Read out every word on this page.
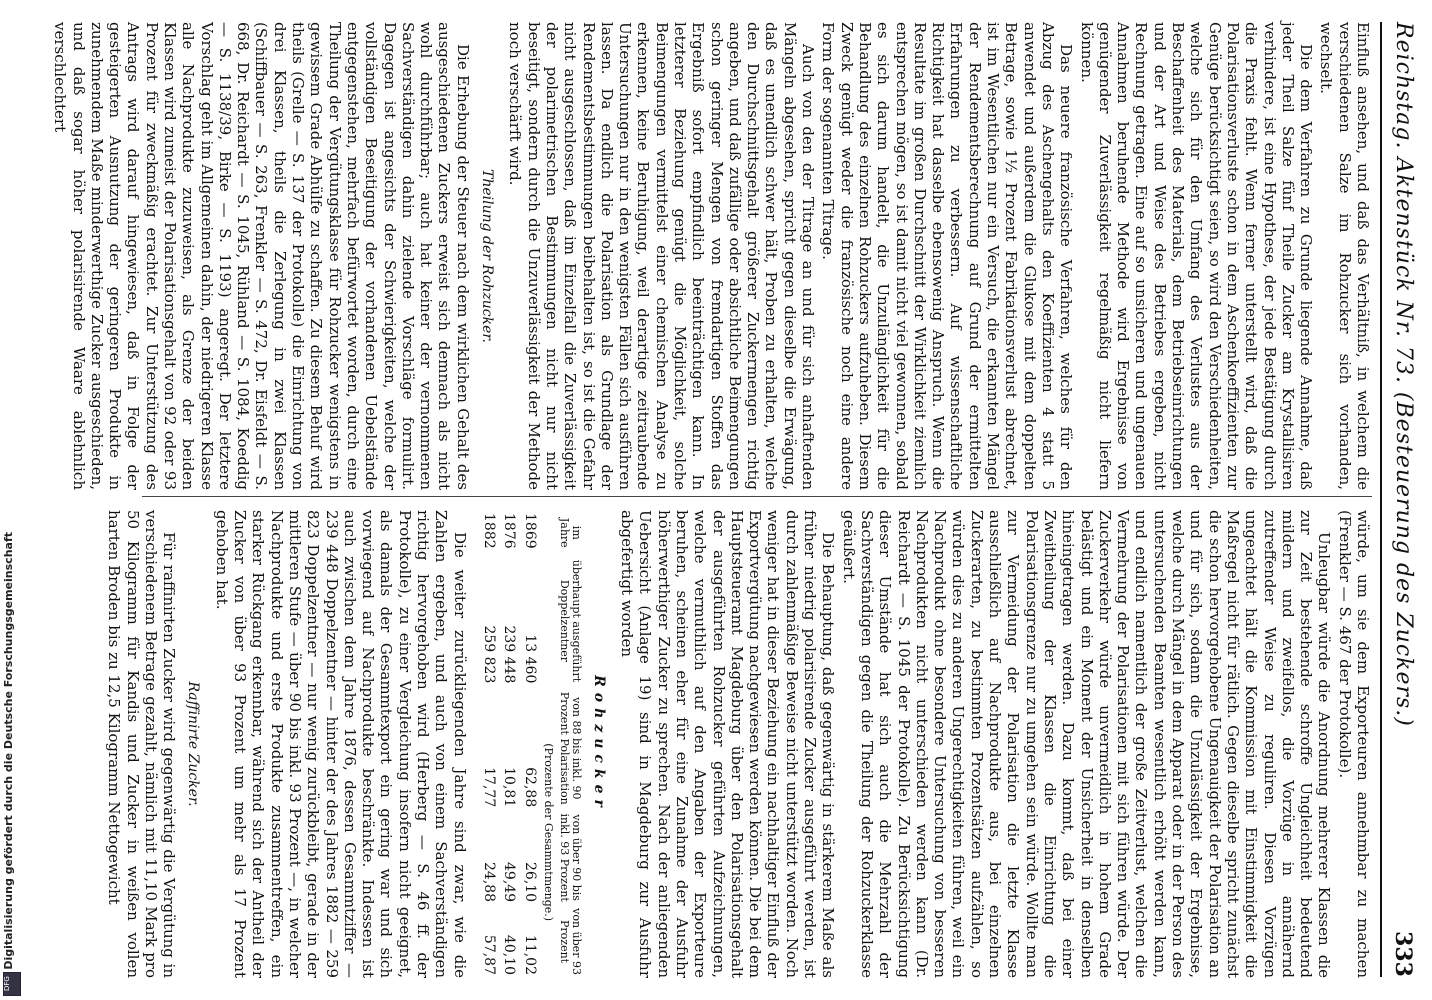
Reichstag. Aktenstück Nr. 73. (Besteuerung des Zuckers.)
333

Einfluß ansehen, und daß das Verhältniß, in welchem die verschiedenen Salze im Rohzucker sich vorhanden, wechselt.

Die dem Verfahren zu Grunde liegende Annahme, daß jeder Theil Salze fünf Theile Zucker am Krystallisiren verhindere, ist eine Hypothese, der jede Bestätigung durch die Praxis fehlt. Wenn ferner unterstellt wird, daß die Polarisationsverluste schon in dem Aschenkoeffizienten zur Genüge berücksichtigt seien, so wird den Verschiedenheiten, welche sich für den Umfang des Verlustes aus der Beschaffenheit des Materials, dem Betriebseinrichtungen und der Art und Weise des Betriebes ergeben, nicht Rechnung getragen. Eine auf so unsicheren und ungenauen Annahmen beruhende Methode wird Ergebnisse von genügender Zuverlässigkeit regelmäßig nicht liefern können.

Das neuere französische Verfahren, welches für den Abzug des Aschengehalts den Koeffizienten 4 statt 5 anwendet und außerdem die Glukose mit dem doppelten Betrage, sowie 1½ Prozent Fabrikationsverlust abrechnet, ist im Wesentlichen nur ein Versuch, die erkannten Mängel der Rendementsberechnung auf Grund der ermittelten Erfahrungen zu verbessern. Auf wissenschaftliche Richtigkeit hat dasselbe ebensowenig Anspruch. Wenn die Resultate im großen Durchschnitt der Wirklichkeit ziemlich entsprechen mögen, so ist damit nicht viel gewonnen, sobald es sich darum handelt, die Unzulänglichkeit für die Behandlung des einzelnen Rohzuckers aufzuheben. Diesem Zweck genügt weder die französische noch eine andere Form der sogenannten Titrage.

Auch von den der Titrage an und für sich anhaftenden Mängeln abgesehen, spricht gegen dieselbe die Erwägung, daß es unendlich schwer hält, Proben zu erhalten, welche den Durchschnittsgehalt größerer Zuckermengen richtig angeben, und daß zufällige oder absichtliche Beimengungen schon geringer Mengen von fremdartigen Stoffen das Ergebniß sofort empfindlich beeinträchtigen kann. In letzterer Beziehung genügt die Möglichkeit, solche Beimengungen vermittelst einer chemischen Analyse zu erkennen, keine Beruhigung, weil derartige zeitraubende Untersuchungen nur in den wenigsten Fällen sich ausführen lassen. Da endlich die Polarisation als Grundlage der Rendementsbestimmungen beibehalten ist, so ist die Gefahr nicht ausgeschlossen, daß im Einzelfall die Zuverlässigkeit der polarimetrischen Bestimmungen nicht nur nicht beseitigt, sondern durch die Unzuverlässigkeit der Methode noch verschärft wird.

Theilung der Rohzucker.

Die Erhebung der Steuer nach dem wirklichen Gehalt des ausgeschiedenen Zuckers erweist sich demnach als nicht wohl durchführbar; auch hat keiner der vernommenen Sachverständigen dahin zielende Vorschläge formulirt. Dagegen ist angesichts der Schwierigkeiten, welche der vollständigen Beseitigung der vorhandenen Uebelstände entgegenstehen, mehrfach befürwortet worden, durch eine Theilung der Vergütungsklasse für Rohzucker wenigstens in gewissem Grade Abhülfe zu schaffen. Zu diesem Behuf wird theils (Grelle — S. 137 der Protokolle) die Einrichtung von drei Klassen, theils die Zerlegung in zwei Klassen (Schiffbauer — S. 263, Frenkler — S. 472, Dr. Eisfeldt — S. 668, Dr. Reichardt — S. 1045, Rühland — S. 1084, Koeddig — S. 1138/39, Birke — S. 1193) angeregt. Der letztere Vorschlag geht im Allgemeinen dahin, der niedrigeren Klasse alle Nachprodukte zuzuweisen, als Grenze der beiden Klassen wird zumeist der Polarisationsgehalt von 92 oder 93 Prozent für zweckmäßig erachtet. Zur Unterstützung des Antrags wird darauf hingewiesen, daß in Folge der gesteigerten Ausnutzung der geringeren Produkte in zunehmendem Maße minderwerthige Zucker ausgeschieden, und daß sogar höher polarisirende Waare ablehnlich verschlechtert

würde, um sie dem Exporteuren annehmbar zu machen (Frenkler — S. 467 der Protokolle).

Unleugbar würde die Anordnung mehrerer Klassen die zur Zeit bestehende schroffe Ungleichheit bedeutend mildern und zweifellos, die Vorzüge in annähernd zutreffender Weise zu reguliren. Diesen Vorzügen ungeachtet hält die Kommission mit Einstimmigkeit die Maßregel nicht für rätlich. Gegen dieselbe spricht zunächst die schon hervorgehobene Ungenauigkeit der Polarisation an und für sich, sodann die Unzulässigkeit der Ergebnisse, welche durch Mängel in dem Apparat oder in der Person des untersuchenden Beamten wesentlich erhöht werden kann, und endlich namentlich der große Zeitverlust, welchen die Vermehrung der Polarisationen mit sich führen würde. Der Zuckerverkehr würde unvermeidlich in hohem Grade belästigt und ein Moment der Unsicherheit in denselben hineingetragen werden. Dazu kommt, daß bei einer Zweitheilung der Klassen die Einrichtung die Polarisationsgrenze nur zu umgehen sein würde. Wollte man zur Vermeidung der Polarisation die letzte Klasse ausschließlich auf Nachprodukte aus, bei einzelnen Zuckerarten, zu bestimmten Prozentsätzen aufzählen, so würden dies zu anderen Ungerechtigkeiten führen, weil ein Nachprodukt ohne besondere Untersuchung von besseren Nachprodukten nicht unterschieden werden kann (Dr. Reichardt — S. 1045 der Protokolle). Zu Berücksichtigung dieser Umstände hat sich auch die Mehrzahl der Sachverständigen gegen die Theilung der Rohzuckerklasse geäußert.

Die Behauptung, daß gegenwärtig in stärkerem Maße als früher niedrig polarisirende Zucker ausgeführt werden, ist durch zahlenmäßige Beweise nicht unterstützt worden. Noch weniger hat in dieser Beziehung ein nachhaltiger Einfluß der Exportvergütung nachgewiesen werden können. Die bei dem Hauptsteueramt Magdeburg über den Polarisationsgehalt der ausgeführten Rohzucker geführten Aufzeichnungen, welche vermuthlich auf den Angaben der Exporteure beruhen, scheinen eher für eine Zunahme der Ausfuhr höherwerthiger Zucker zu sprechen. Nach der anliegenden Uebersicht (Anlage 19) sind in Magdeburg zur Ausfuhr abgefertigt worden

Rohzucker
im Jahre	überhaupt ausgeführt Doppelzentner	von 88 bis inkl. 90 Prozent Polarisation	von über 90 bis inkl. 93 Prozent	von über 93 Prozent
		(Prozente der Gesammtmenge.)		
1869	13 460	62,88	26,10	11,02
1876	239 448	10,81	49,49	40,10
1882	259 823	17,77	24,88	57,87

Die weiter zurückliegenden Jahre sind zwar, wie die Zahlen ergeben, und auch von einem Sachverständigen richtig hervorgehoben wird (Herberg — S. 46 ff. der Protokolle), zu einer Vergleichung insofern nicht geeignet, als damals der Gesammtexport ein gering war und sich vorwiegend auf Nachprodukte beschränkte. Indessen ist auch zwischen dem Jahre 1876, dessen Gesammtziffer — 239 448 Doppelzentner — hinter der des Jahres 1882 — 259 823 Doppelzentner — nur wenig zurückbleibt, gerade in der mittleren Stufe — über 90 bis inkl. 93 Prozent —, in welcher Nachprodukte und erste Produkte zusammentreffen, ein starker Rückgang erkennbar, während sich der Antheil der Zucker von über 93 Prozent um mehr als 17 Prozent gehoben hat.

Raffinirte Zucker.

Für raffinirten Zucker wird gegenwärtig die Vergütung in verschiedenem Betrage gezahlt, nämlich mit 11,10 Mark pro 50 Kilogramm für Kandis und Zucker in weißen vollen harten Broden bis zu 12,5 Kilogramm Nettogewicht

Digitalisierung gefördert durch die Deutsche Forschungsgemeinschaft
DFG
